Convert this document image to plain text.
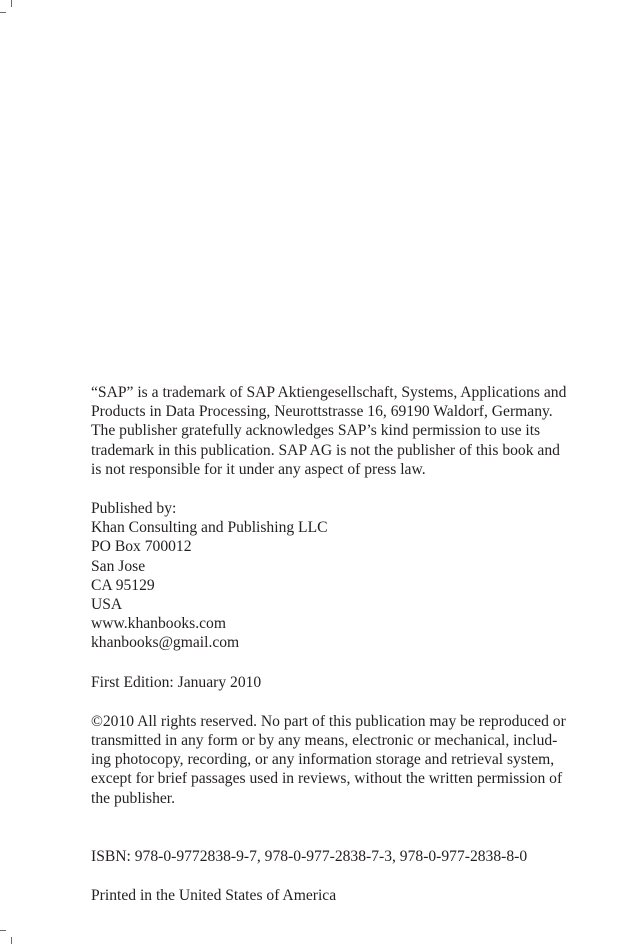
“SAP” is a trademark of SAP Aktiengesellschaft, Systems, Applications and
Products in Data Processing, Neurottstrasse 16, 69190 Waldorf, Germany.
The publisher gratefully acknowledges SAP’s kind permission to use its
trademark in this publication. SAP AG is not the publisher of this book and
is not responsible for it under any aspect of press law.
Published by:
Khan Consulting and Publishing LLC
PO Box 700012
San Jose
CA 95129
USA
www.khanbooks.com
khanbooks@gmail.com
First Edition: January 2010
©2010 All rights reserved. No part of this publication may be reproduced or
transmitted in any form or by any means, electronic or mechanical, includ-
ing photocopy, recording, or any information storage and retrieval system,
except for brief passages used in reviews, without the written permission of
the publisher.
ISBN: 978-0-9772838-9-7, 978-0-977-2838-7-3, 978-0-977-2838-8-0
Printed in the United States of America
